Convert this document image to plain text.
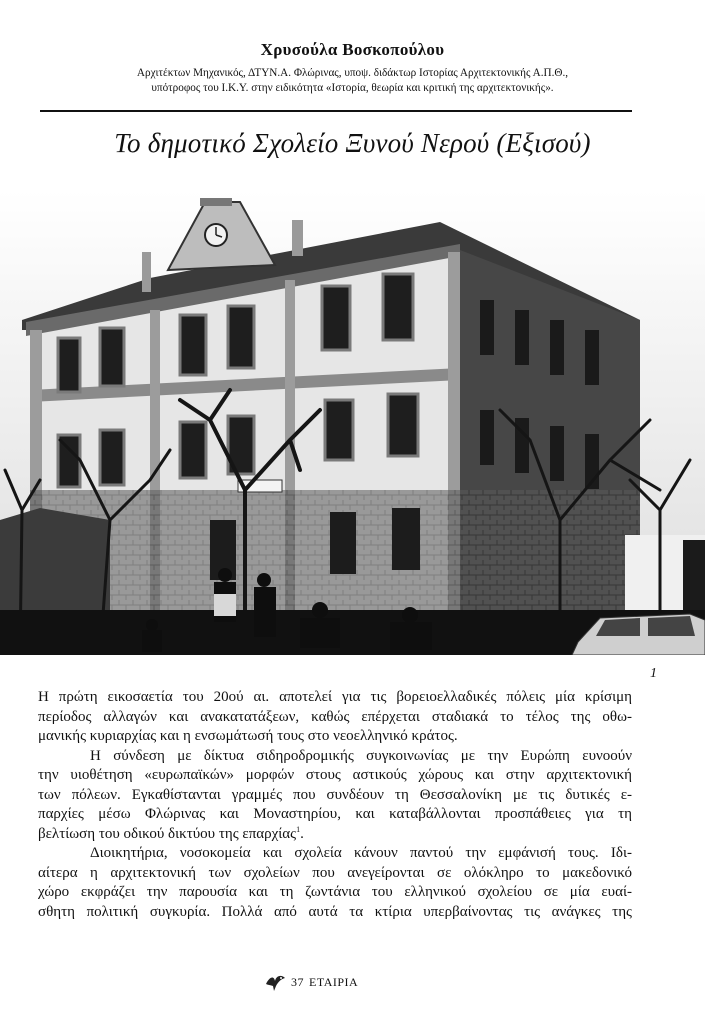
Χρυσούλα Βοσκοπούλου
Αρχιτέκτων Μηχανικός, ΔΤΥΝ.Α. Φλώρινας, υποψ. διδάκτωρ Ιστορίας Αρχιτεκτονικής Α.Π.Θ.,
υπότροφος του Ι.Κ.Υ. στην ειδικότητα «Ιστορία, θεωρία και κριτική της αρχιτεκτονικής».
Το δημοτικό Σχολείο Ξυνού Νερού (Εξισού)
1
Η πρώτη εικοσαετία του 20ού αι. αποτελεί για τις βορειοελλαδικές πόλεις μία κρίσιμη
περίοδος αλλαγών και ανακατατάξεων, καθώς επέρχεται σταδιακά το τέλος της οθω-
μανικής κυριαρχίας και η ενσωμάτωσή τους στο νεοελληνικό κράτος.
Η σύνδεση με δίκτυα σιδηροδρομικής συγκοινωνίας με την Ευρώπη ευνοούν
την υιοθέτηση «ευρωπαϊκών» μορφών στους αστικούς χώρους και στην αρχιτεκτονική
των πόλεων. Εγκαθίστανται γραμμές που συνδέουν τη Θεσσαλονίκη με τις δυτικές ε-
παρχίες μέσω Φλώρινας και Μοναστηρίου, και καταβάλλονται προσπάθειες για τη
βελτίωση του οδικού δικτύου της επαρχίας$^1$.
Διοικητήρια, νοσοκομεία και σχολεία κάνουν παντού την εμφάνισή τους. Ιδι-
αίτερα η αρχιτεκτονική των σχολείων που ανεγείρονται σε ολόκληρο το μακεδονικό
χώρο εκφράζει την παρουσία και τη ζωντάνια του ελληνικού σχολείου σε μία ευαί-
σθητη πολιτική συγκυρία. Πολλά από αυτά τα κτίρια υπερβαίνοντας τις ανάγκες της
37 ΕΤΑΙΡΙΑ
